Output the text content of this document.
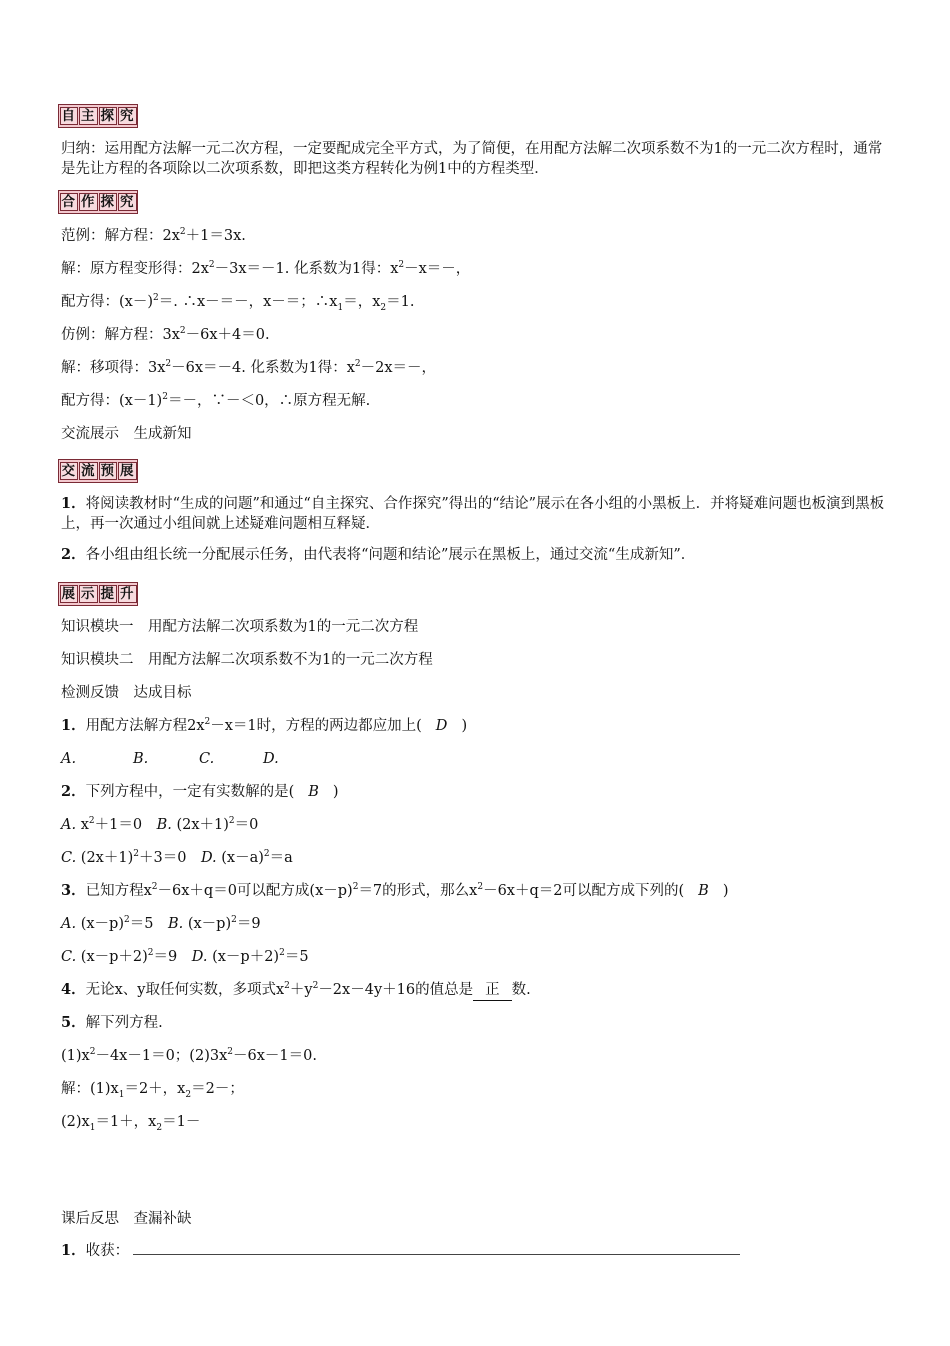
自 主 探 究
归纳：运用配方法解一元二次方程，一定要配成完全平方式，为了简便，在用配方法解二次项系数不为1的一元二次方程时，通常是先让方程的各项除以二次项系数，即把这类方程转化为例1中的方程类型．
合 作 探 究
范例：解方程：$2x^2+1=3x$.
解：原方程变形得：$2x^2-3x=-1$. 化系数为1得：$x^2-x=-$，
配方得：$(x-)^2=$. ∴x－＝－，x－＝；$\therefore x_1=$，$x_2=1$.
仿例：解方程：$3x^2-6x+4=0$.
解：移项得：$3x^2-6x=-4$. 化系数为1得：$x^2-2x=-$，
配方得：$(x-1)^2=-$，∵－＜0，∴原方程无解.
交流展示　生成新知
交 流 预 展
1．将阅读教材时“生成的问题”和通过“自主探究、合作探究”得出的“结论”展示在各小组的小黑板上．并将疑难问题也板演到黑板上，再一次通过小组间就上述疑难问题相互释疑．
2．各小组由组长统一分配展示任务，由代表将“问题和结论”展示在黑板上，通过交流“生成新知”．
展 示 提 升
知识模块一　用配方法解二次项系数为1的一元二次方程
知识模块二　用配方法解二次项系数不为1的一元二次方程
检测反馈　达成目标
1．用配方法解方程$2x^2-x=1$时，方程的两边都应加上( D )
A.	B.	C.	D.
2．下列方程中，一定有实数解的是( B )
A. $x^2+1=0$　 B. $(2x+1)^2=0$
C. $(2x+1)^2+3=0$　 D. $(x-a)^2=a$
3．已知方程$x^2-6x+q=0$可以配方成$(x-p)^2=7$的形式，那么$x^2-6x+q=2$可以配方成下列的( B )
A. $(x-p)^2=5$　 B. $(x-p)^2=9$
C. $(x-p+2)^2=9$　 D. $(x-p+2)^2=5$
4．无论x、y取任何实数，多项式$x^2+y^2-2x-4y+16$的值总是 正 数.
5．解下列方程.
$(1)x^2-4x-1=0$；$(2)3x^2-6x-1=0$.
解：$(1)x_1=2+$，$x_2=2-$；
$(2)x_1=1+$，$x_2=1-$
课后反思　查漏补缺
1．收获：
